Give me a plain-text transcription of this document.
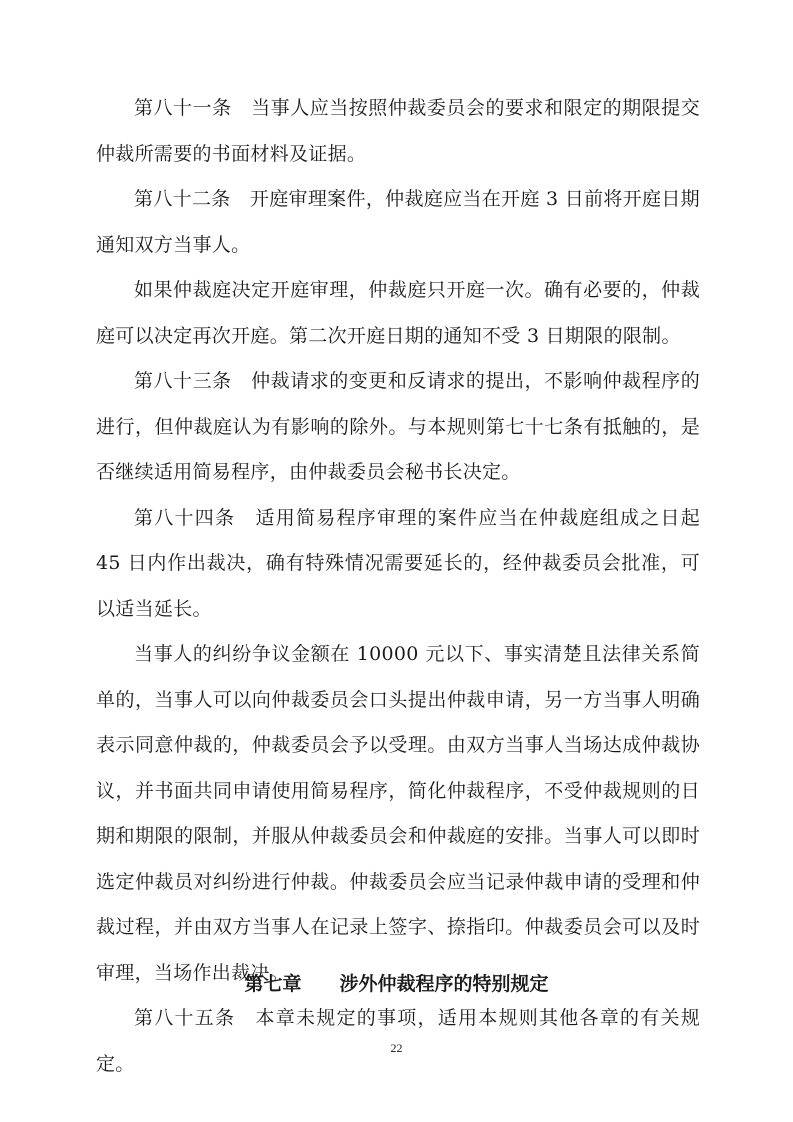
第八十一条　当事人应当按照仲裁委员会的要求和限定的期限提交仲裁所需要的书面材料及证据。

第八十二条　开庭审理案件，仲裁庭应当在开庭 3 日前将开庭日期通知双方当事人。

如果仲裁庭决定开庭审理，仲裁庭只开庭一次。确有必要的，仲裁庭可以决定再次开庭。第二次开庭日期的通知不受 3 日期限的限制。

第八十三条　仲裁请求的变更和反请求的提出，不影响仲裁程序的进行，但仲裁庭认为有影响的除外。与本规则第七十七条有抵触的，是否继续适用简易程序，由仲裁委员会秘书长决定。

第八十四条　适用简易程序审理的案件应当在仲裁庭组成之日起 45 日内作出裁决，确有特殊情况需要延长的，经仲裁委员会批准，可以适当延长。

当事人的纠纷争议金额在 10000 元以下、事实清楚且法律关系简单的，当事人可以向仲裁委员会口头提出仲裁申请，另一方当事人明确表示同意仲裁的，仲裁委员会予以受理。由双方当事人当场达成仲裁协议，并书面共同申请使用简易程序，简化仲裁程序，不受仲裁规则的日期和期限的限制，并服从仲裁委员会和仲裁庭的安排。当事人可以即时选定仲裁员对纠纷进行仲裁。仲裁委员会应当记录仲裁申请的受理和仲裁过程，并由双方当事人在记录上签字、捺指印。仲裁委员会可以及时审理，当场作出裁决。

第八十五条　本章未规定的事项，适用本规则其他各章的有关规定。

第七章　　涉外仲裁程序的特别规定
22
